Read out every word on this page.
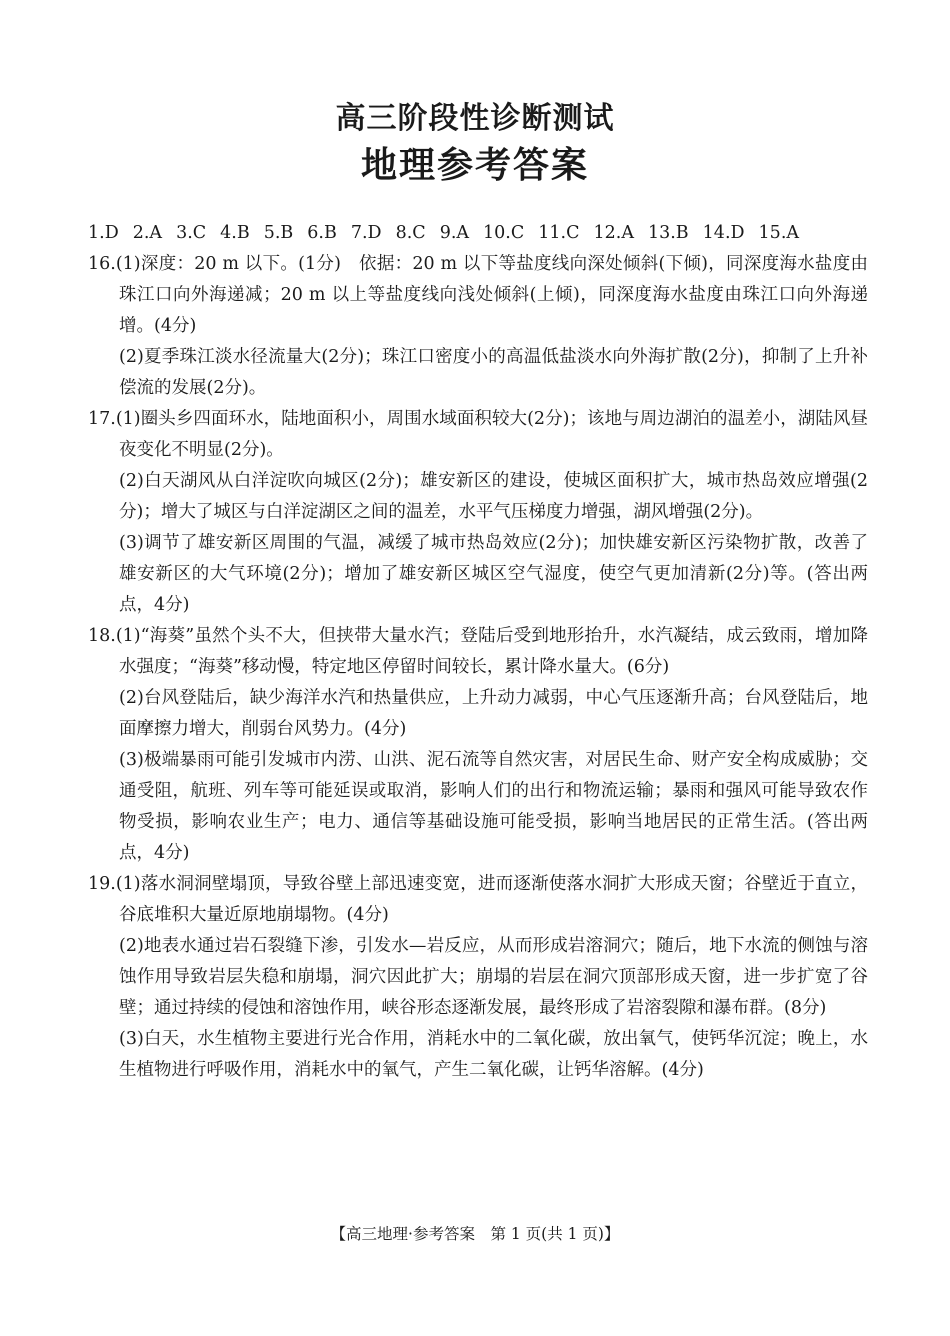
高三阶段性诊断测试
地理参考答案
1.D 2.A 3.C 4.B 5.B 6.B 7.D 8.C 9.A 10.C 11.C 12.A 13.B 14.D 15.A
16.(1)深度：20 m 以下。(1分)　依据：20 m 以下等盐度线向深处倾斜(下倾)，同深度海水盐度由珠江口向外海递减；20 m 以上等盐度线向浅处倾斜(上倾)，同深度海水盐度由珠江口向外海递增。(4分)
(2)夏季珠江淡水径流量大(2分)；珠江口密度小的高温低盐淡水向外海扩散(2分)，抑制了上升补偿流的发展(2分)。
17.(1)圈头乡四面环水，陆地面积小，周围水域面积较大(2分)；该地与周边湖泊的温差小，湖陆风昼夜变化不明显(2分)。
(2)白天湖风从白洋淀吹向城区(2分)；雄安新区的建设，使城区面积扩大，城市热岛效应增强(2分)；增大了城区与白洋淀湖区之间的温差，水平气压梯度力增强，湖风增强(2分)。
(3)调节了雄安新区周围的气温，减缓了城市热岛效应(2分)；加快雄安新区污染物扩散，改善了雄安新区的大气环境(2分)；增加了雄安新区城区空气湿度，使空气更加清新(2分)等。(答出两点，4分)
18.(1)“海葵”虽然个头不大，但挟带大量水汽；登陆后受到地形抬升，水汽凝结，成云致雨，增加降水强度；“海葵”移动慢，特定地区停留时间较长，累计降水量大。(6分)
(2)台风登陆后，缺少海洋水汽和热量供应，上升动力减弱，中心气压逐渐升高；台风登陆后，地面摩擦力增大，削弱台风势力。(4分)
(3)极端暴雨可能引发城市内涝、山洪、泥石流等自然灾害，对居民生命、财产安全构成威胁；交通受阻，航班、列车等可能延误或取消，影响人们的出行和物流运输；暴雨和强风可能导致农作物受损，影响农业生产；电力、通信等基础设施可能受损，影响当地居民的正常生活。(答出两点，4分)
19.(1)落水洞洞壁塌顶，导致谷壁上部迅速变宽，进而逐渐使落水洞扩大形成天窗；谷壁近于直立，谷底堆积大量近原地崩塌物。(4分)
(2)地表水通过岩石裂缝下渗，引发水—岩反应，从而形成岩溶洞穴；随后，地下水流的侧蚀与溶蚀作用导致岩层失稳和崩塌，洞穴因此扩大；崩塌的岩层在洞穴顶部形成天窗，进一步扩宽了谷壁；通过持续的侵蚀和溶蚀作用，峡谷形态逐渐发展，最终形成了岩溶裂隙和瀑布群。(8分)
(3)白天，水生植物主要进行光合作用，消耗水中的二氧化碳，放出氧气，使钙华沉淀；晚上，水生植物进行呼吸作用，消耗水中的氧气，产生二氧化碳，让钙华溶解。(4分)
【高三地理·参考答案　第 1 页(共 1 页)】
